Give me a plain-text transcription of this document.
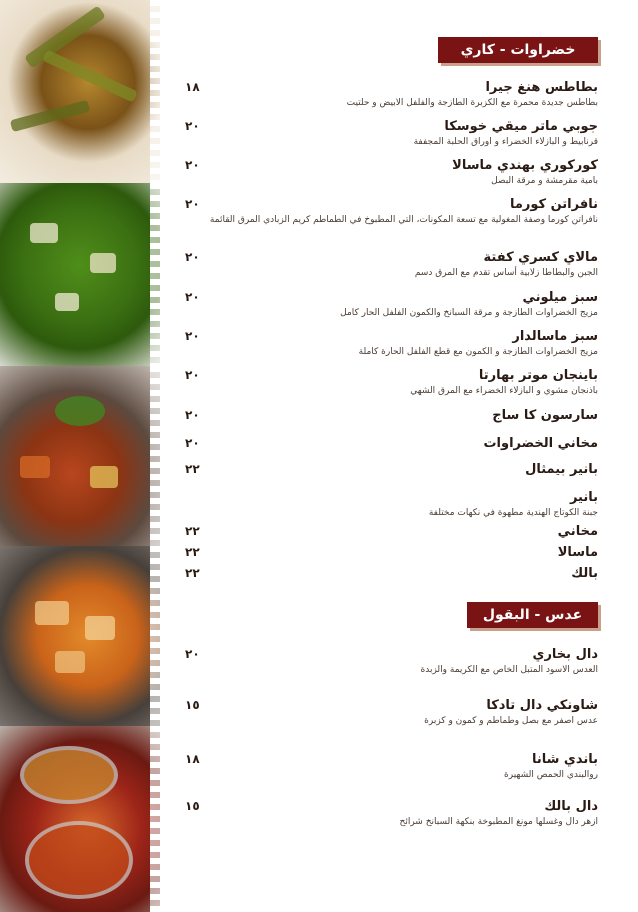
خضراوات - كاري
بطاطس هنغ جيرا
١٨
بطاطس جديدة محمرة مع الكزبرة الطازجة والفلفل الابيض و حلتيت
جوبي ماتر ميقي خوسكا
٢٠
قرنابيط و البازلاء الخضراء و اوراق الحلبة المجففة
كوركوري بهندي ماسالا
٢٠
بامية مقرمشة و مرقة البصل
نافراتن كورما
٢٠
نافراتن كورما وصفة المغولية مع تسعة المكونات، التي المطبوخ في الطماطم كريم الزبادي المرق القائمة
مالاي كسري كفتة
٢٠
الجبن والبطاطا زلابية أساس تقدم مع المرق دسم
سبز ميلوني
٢٠
مزيج الخضراوات الطازجة و مرقة السبانخ والكمون الفلفل الحار كامل
سبز ماسالدار
٢٠
مزيج الخضراوات الطازجة و الكمون مع قطع الفلفل الحارة كاملة
باينجان موتر بهارتا
٢٠
باذنجان مشوي و البازلاء الخضراء مع المرق الشهي
سارسون كا ساج
٢٠
مخاني الخضراوات
٢٠
بانير بيمثال
٢٢
بانير
جبنة الكوتاج الهندية مطهوة في نكهات مختلفة
مخاني
٢٢
ماسالا
٢٢
بالك
٢٢
عدس - البقول
دال بخاري
٢٠
العدس الاسود المتبل الخاص مع الكريمة والزبدة
شاونكي دال تادكا
١٥
عدس اصفر مع بصل وطماطم و كمون و كزبرة
باندي شانا
١٨
روالبندي الحمص الشهيرة
دال بالك
١٥
ازهر دال وغسلها مونغ المطبوخة بنكهة السبانخ شرائح
